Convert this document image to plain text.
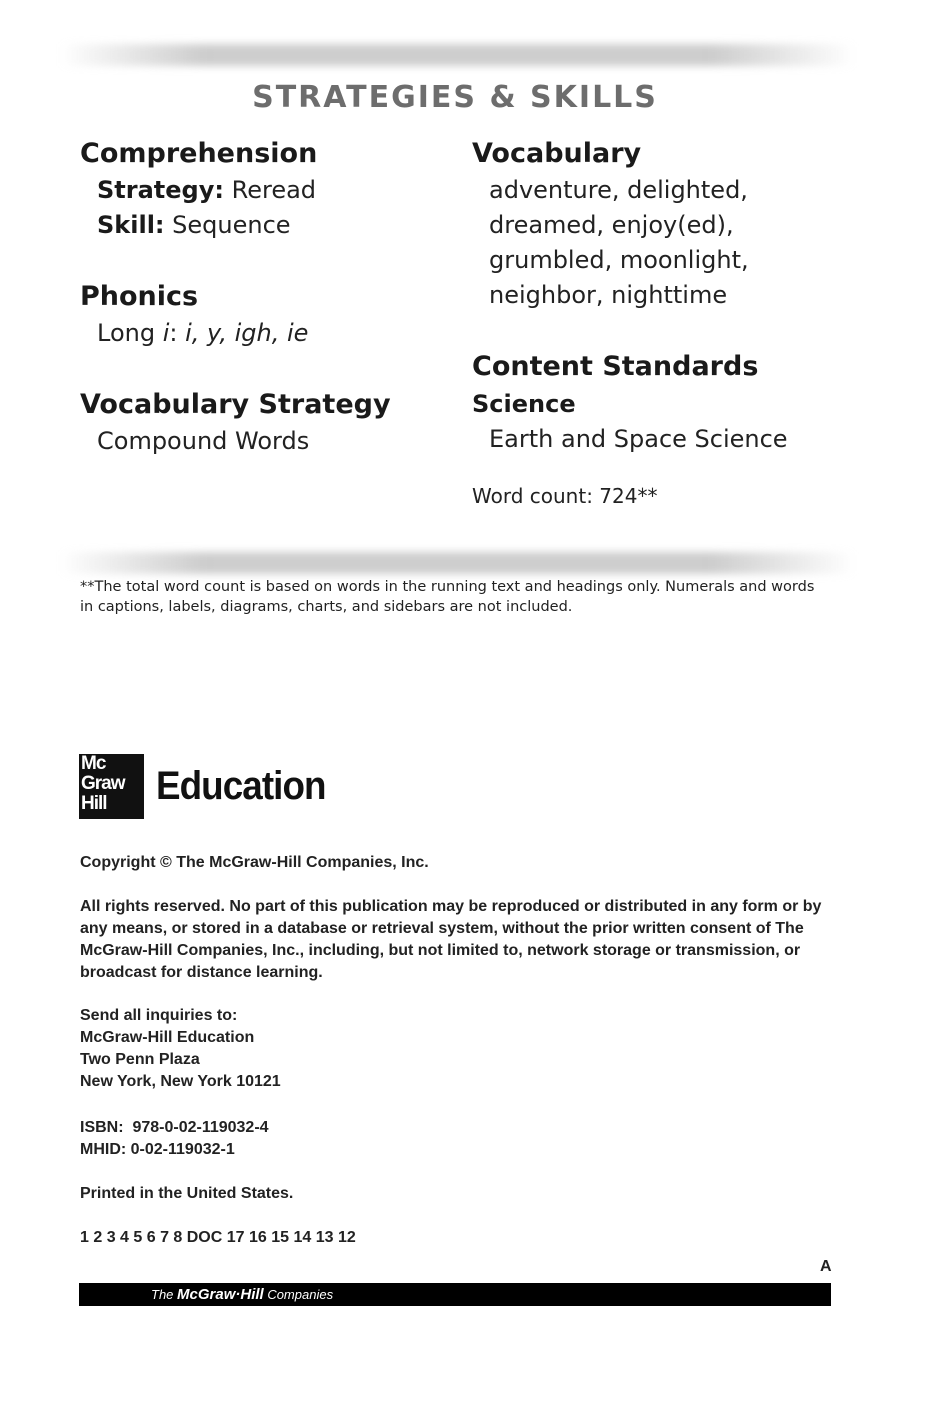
STRATEGIES & SKILLS
Comprehension
Strategy: Reread
Skill: Sequence
Phonics
Long i: i, y, igh, ie
Vocabulary Strategy
Compound Words
Vocabulary
adventure, delighted,
dreamed, enjoy(ed),
grumbled, moonlight,
neighbor, nighttime
Content Standards
Science
Earth and Space Science
Word count: 724**
**The total word count is based on words in the running text and headings only. Numerals and words
in captions, labels, diagrams, charts, and sidebars are not included.
Mc
Graw
Hill	Education
Copyright © The McGraw-Hill Companies, Inc.
All rights reserved. No part of this publication may be reproduced or distributed in any form or by
any means, or stored in a database or retrieval system, without the prior written consent of The
McGraw-Hill Companies, Inc., including, but not limited to, network storage or transmission, or
broadcast for distance learning.
Send all inquiries to:
McGraw-Hill Education
Two Penn Plaza
New York, New York 10121
ISBN:  978-0-02-119032-4
MHID: 0-02-119032-1
Printed in the United States.
1 2 3 4 5 6 7 8 DOC 17 16 15 14 13 12
A
The McGraw·Hill Companies
